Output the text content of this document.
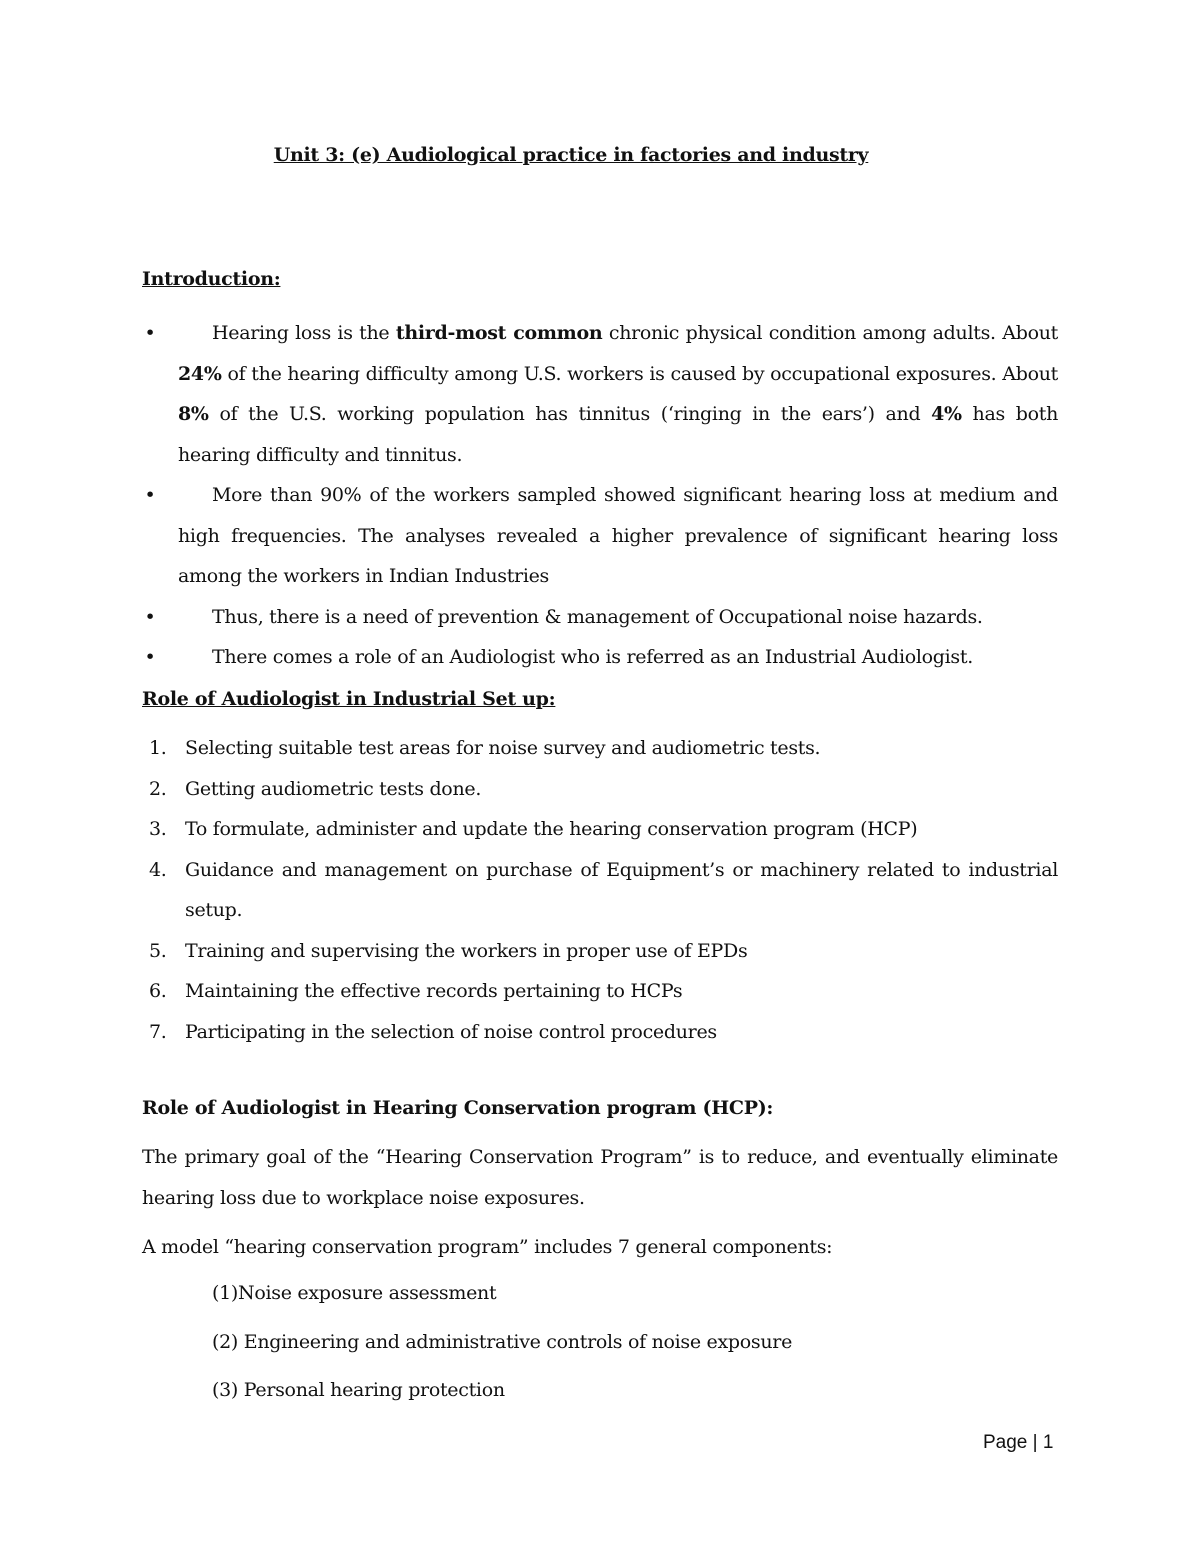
Unit 3: (e) Audiological practice in factories and industry
Introduction:
•	Hearing loss is the third-most common chronic physical condition among adults. About 24% of the hearing difficulty among U.S. workers is caused by occupational exposures. About 8% of the U.S. working population has tinnitus (‘ringing in the ears’) and 4% has both hearing difficulty and tinnitus.
•	More than 90% of the workers sampled showed significant hearing loss at medium and high frequencies. The analyses revealed a higher prevalence of significant hearing loss among the workers in Indian Industries
•	Thus, there is a need of prevention & management of Occupational noise hazards.
•	There comes a role of an Audiologist who is referred as an Industrial Audiologist.
Role of Audiologist in Industrial Set up:
1. Selecting suitable test areas for noise survey and audiometric tests.
2. Getting audiometric tests done.
3. To formulate, administer and update the hearing conservation program (HCP)
4. Guidance and management on purchase of Equipment’s or machinery related to industrial setup.
5. Training and supervising the workers in proper use of EPDs
6. Maintaining the effective records pertaining to HCPs
7. Participating in the selection of noise control procedures
Role of Audiologist in Hearing Conservation program (HCP):
The primary goal of the “Hearing Conservation Program” is to reduce, and eventually eliminate hearing loss due to workplace noise exposures.
A model “hearing conservation program” includes 7 general components:
(1)Noise exposure assessment
(2) Engineering and administrative controls of noise exposure
(3) Personal hearing protection
Page | 1
